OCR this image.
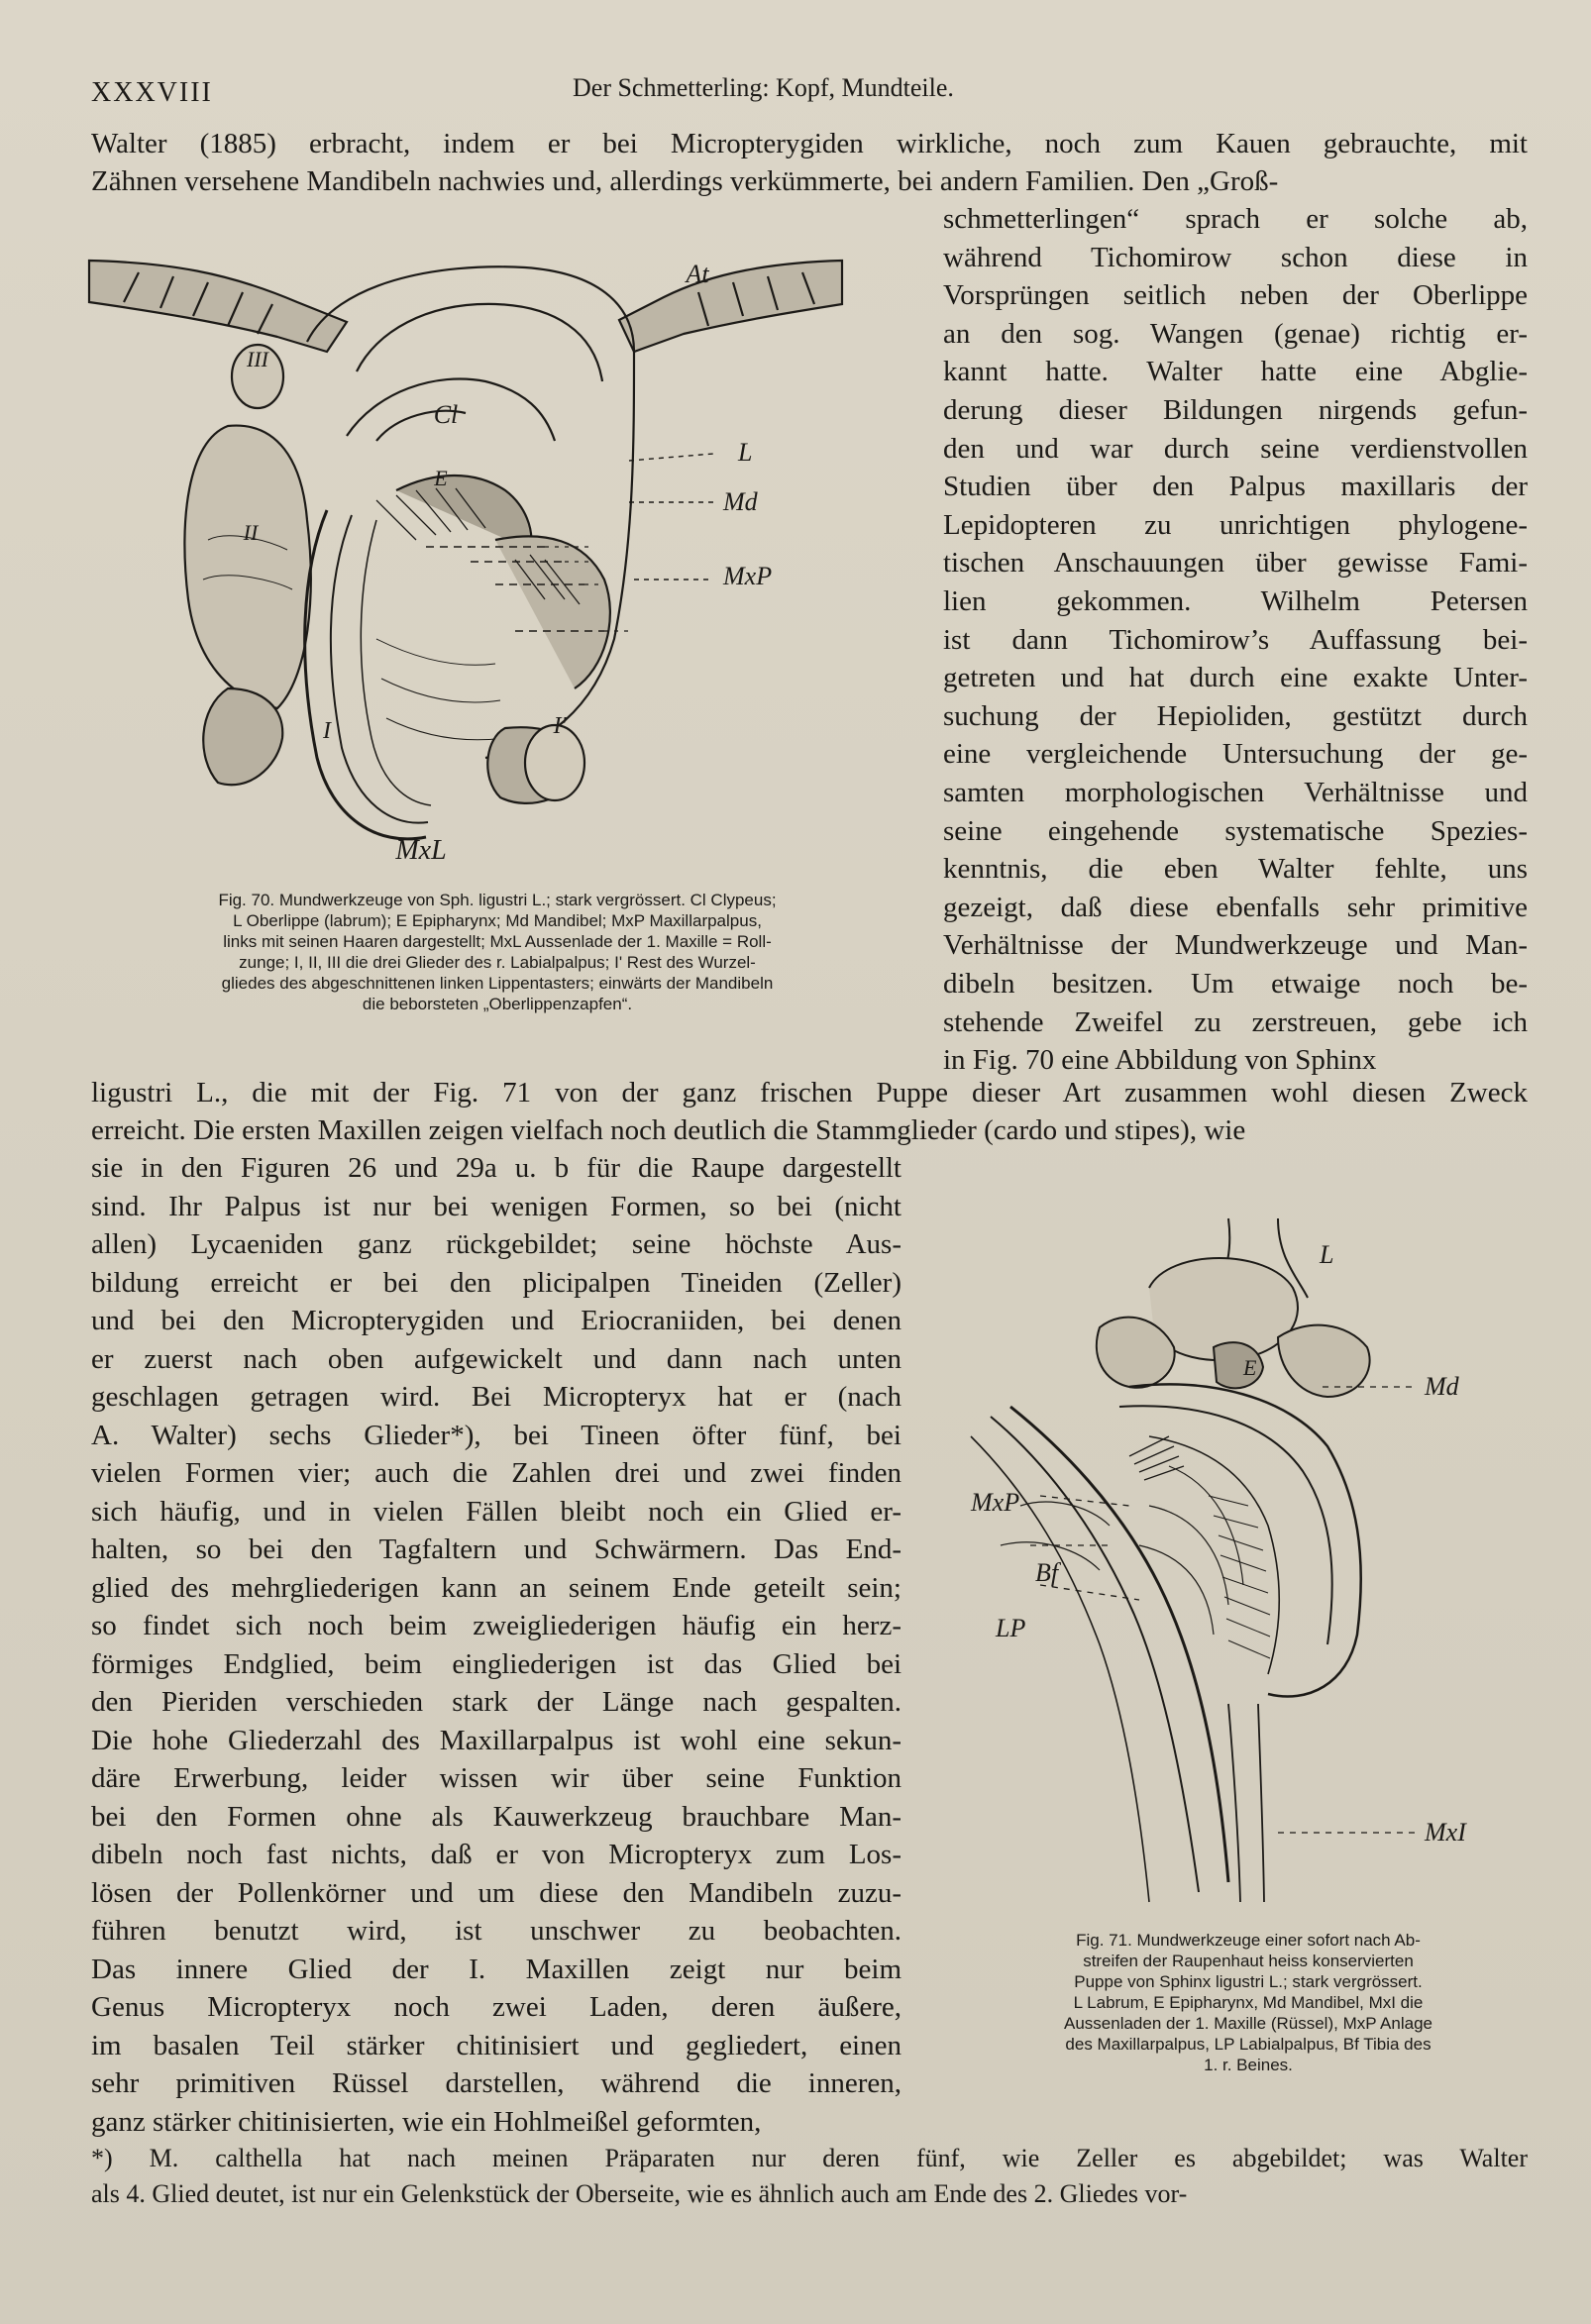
XXXVIII	Der Schmetterling: Kopf, Mundteile.
Walter (1885) erbracht, indem er bei Micropterygiden wirkliche, noch zum Kauen gebrauchte, mit
Zähnen versehene Mandibeln nachwies und, allerdings verkümmerte, bei andern Familien. Den „Groß-
schmetterlingen“ sprach er solche ab,
während Tichomirow schon diese in
Vorsprüngen seitlich neben der Oberlippe
an den sog. Wangen (genae) richtig er-
kannt hatte. Walter hatte eine Abglie-
derung dieser Bildungen nirgends gefun-
den und war durch seine verdienstvollen
Studien über den Palpus maxillaris der
Lepidopteren zu unrichtigen phylogene-
tischen Anschauungen über gewisse Fami-
lien gekommen. Wilhelm Petersen
ist dann Tichomirow’s Auffassung bei-
getreten und hat durch eine exakte Unter-
suchung der Hepioliden, gestützt durch
eine vergleichende Untersuchung der ge-
samten morphologischen Verhältnisse und
seine eingehende systematische Spezies-
kenntnis, die eben Walter fehlte, uns
gezeigt, daß diese ebenfalls sehr primitive
Verhältnisse der Mundwerkzeuge und Man-
dibeln besitzen. Um etwaige noch be-
stehende Zweifel zu zerstreuen, gebe ich
in Fig. 70 eine Abbildung von Sphinx
ligustri L., die mit der Fig. 71 von der ganz frischen Puppe dieser Art zusammen wohl diesen Zweck
erreicht. Die ersten Maxillen zeigen vielfach noch deutlich die Stammglieder (cardo und stipes), wie
sie in den Figuren 26 und 29a u. b für die Raupe dargestellt
sind. Ihr Palpus ist nur bei wenigen Formen, so bei (nicht
allen) Lycaeniden ganz rückgebildet; seine höchste Aus-
bildung erreicht er bei den plicipalpen Tineiden (Zeller)
und bei den Micropterygiden und Eriocraniiden, bei denen
er zuerst nach oben aufgewickelt und dann nach unten
geschlagen getragen wird. Bei Micropteryx hat er (nach
A. Walter) sechs Glieder*), bei Tineen öfter fünf, bei
vielen Formen vier; auch die Zahlen drei und zwei finden
sich häufig, und in vielen Fällen bleibt noch ein Glied er-
halten, so bei den Tagfaltern und Schwärmern. Das End-
glied des mehrgliederigen kann an seinem Ende geteilt sein;
so findet sich noch beim zweigliederigen häufig ein herz-
förmiges Endglied, beim eingliederigen ist das Glied bei
den Pieriden verschieden stark der Länge nach gespalten.
Die hohe Gliederzahl des Maxillarpalpus ist wohl eine sekun-
däre Erwerbung, leider wissen wir über seine Funktion
bei den Formen ohne als Kauwerkzeug brauchbare Man-
dibeln noch fast nichts, daß er von Micropteryx zum Los-
lösen der Pollenkörner und um diese den Mandibeln zuzu-
führen benutzt wird, ist unschwer zu beobachten.
Das innere Glied der I. Maxillen zeigt nur beim
Genus Micropteryx noch zwei Laden, deren äußere,
im basalen Teil stärker chitinisiert und gegliedert, einen
sehr primitiven Rüssel darstellen, während die inneren,
ganz stärker chitinisierten, wie ein Hohlmeißel geformten,
*) M. calthella hat nach meinen Präparaten nur deren fünf, wie Zeller es abgebildet; was Walter
als 4. Glied deutet, ist nur ein Gelenkstück der Oberseite, wie es ähnlich auch am Ende des 2. Gliedes vor-
Fig. 70. Mundwerkzeuge von Sph. ligustri L.; stark vergrössert. Cl Clypeus;
L Oberlippe (labrum); E Epipharynx; Md Mandibel; MxP Maxillarpalpus,
links mit seinen Haaren dargestellt; MxL Aussenlade der 1. Maxille = Roll-
zunge; I, II, III die drei Glieder des r. Labialpalpus; I' Rest des Wurzel-
gliedes des abgeschnittenen linken Lippentasters; einwärts der Mandibeln
die beborsteten „Oberlippenzapfen“.
Fig. 71. Mundwerkzeuge einer sofort nach Ab-
streifen der Raupenhaut heiss konservierten
Puppe von Sphinx ligustri L.; stark vergrössert.
L Labrum, E Epipharynx, Md Mandibel, MxI die
Aussenladen der 1. Maxille (Rüssel), MxP Anlage
des Maxillarpalpus, LP Labialpalpus, Bf Tibia des
1. r. Beines.
At
III
II
I	I'
Cl
E
L
Md
MxP
MxL
L
E
Md
MxP
Bf
LP
MxI
